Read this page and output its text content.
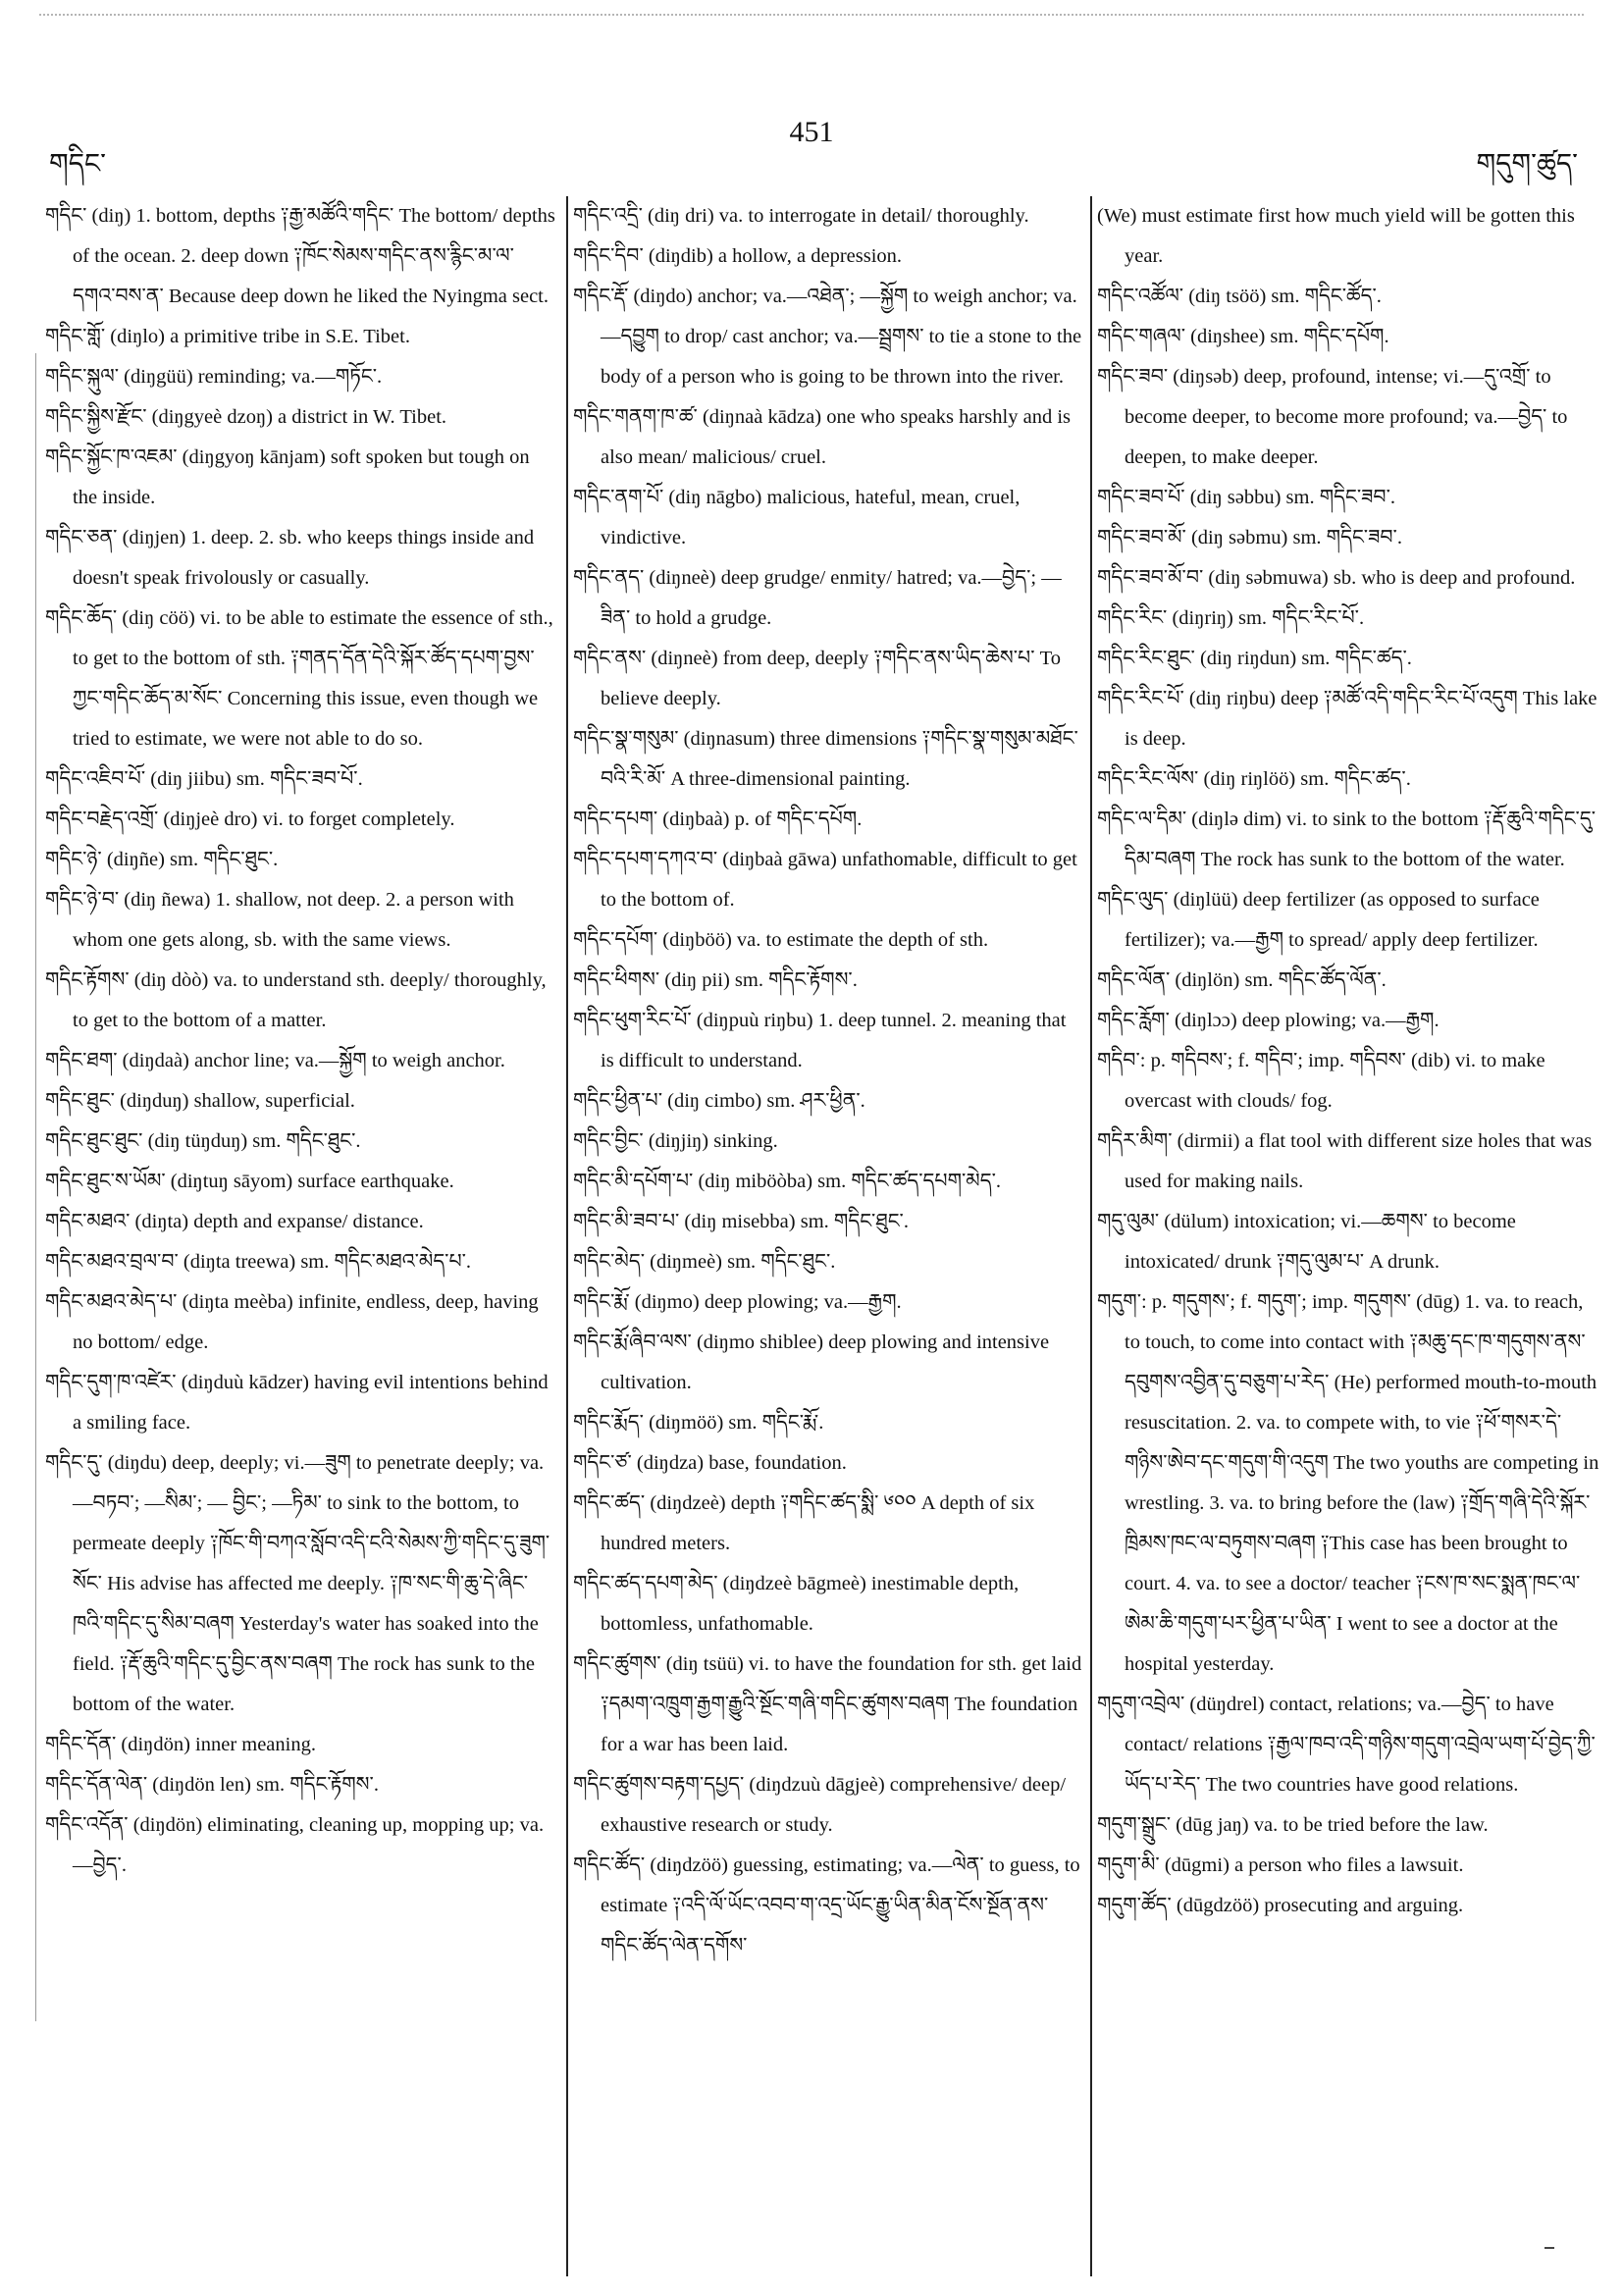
གདིང་
451
གདུག་ཚུད་

གདིང་ (diŋ) 1. bottom, depths ༑རྒྱ་མཚོའི་གདིང་ The bottom/ depths of the ocean. 2. deep down ༑ཁོང་སེམས་གདིང་ནས་རྙིང་མ་ལ་དགའ་བས་ན་ Because deep down he liked the Nyingma sect.

གདིང་གློ་ (diŋlo) a primitive tribe in S.E. Tibet.

གདིང་སྐུལ་ (diŋgüü) reminding; va.—གཏོང་.

གདིང་སྐྱིས་རྫོང་ (diŋgyeè dzoŋ) a district in W. Tibet.

གདིང་སྐྱོང་ཁ་འཇམ་ (diŋgyoŋ kānjam) soft spoken but tough on the inside.

གདིང་ཅན་ (diŋjen) 1. deep. 2. sb. who keeps things inside and doesn't speak frivolously or casually.

གདིང་ཆོད་ (diŋ cöö) vi. to be able to estimate the essence of sth., to get to the bottom of sth. ༑གནད་དོན་དེའི་སྐོར་ཚོད་དཔག་བྱས་ཀྱང་གདིང་ཆོད་མ་སོང་ Concerning this issue, even though we tried to estimate, we were not able to do so.

གདིང་འཇིབ་པོ་ (diŋ jiibu) sm. གདིང་ཟབ་པོ་.

གདིང་བརྗེད་འགྲོ་ (diŋjeè dro) vi. to forget completely.

གདིང་ཉེ་ (diŋñe) sm. གདིང་ཐུང་.

གདིང་ཉེ་བ་ (diŋ ñewa) 1. shallow, not deep. 2. a person with whom one gets along, sb. with the same views.

གདིང་རྟོགས་ (diŋ dòò) va. to understand sth. deeply/ thoroughly, to get to the bottom of a matter.

གདིང་ཐག་ (diŋdaà) anchor line; va.—སྐྱོག to weigh anchor.

གདིང་ཐུང་ (diŋduŋ) shallow, superficial.

གདིང་ཐུང་ཐུང་ (diŋ tüŋduŋ) sm. གདིང་ཐུང་.

གདིང་ཐུང་ས་ཡོམ་ (diŋtuŋ sāyom) surface earthquake.

གདིང་མཐའ་ (diŋta) depth and expanse/ distance.

གདིང་མཐའ་བྲལ་བ་ (diŋta treewa) sm. གདིང་མཐའ་མེད་པ་.

གདིང་མཐའ་མེད་པ་ (diŋta meèba) infinite, endless, deep, having no bottom/ edge.

གདིང་དུག་ཁ་འཛེར་ (diŋduù kādzer) having evil intentions behind a smiling face.

གདིང་དུ་ (diŋdu) deep, deeply; vi.—ཟུག to penetrate deeply; va.—བཏབ་; —སིམ་; — བྱིང་; —ཏིམ་ to sink to the bottom, to permeate deeply ༑ཁོང་གི་བཀའ་སློབ་འདི་ངའི་སེམས་ཀྱི་གདིང་དུ་ཟུག་སོང་ His advise has affected me deeply. ༑ཁ་སང་གི་ཆུ་དེ་ཞིང་ཁའི་གདིང་དུ་སིམ་བཞག Yesterday's water has soaked into the field. ༑རྡོ་ཆུའི་གདིང་དུ་བྱིང་ནས་བཞག The rock has sunk to the bottom of the water.

གདིང་དོན་ (diŋdön) inner meaning.

གདིང་དོན་ལེན་ (diŋdön len) sm. གདིང་རྟོགས་.

གདིང་འདོན་ (diŋdön) eliminating, cleaning up, mopping up; va.—བྱེད་.

གདིང་འདྲི་ (diŋ dri) va. to interrogate in detail/ thoroughly.

གདིང་དིབ་ (diŋdib) a hollow, a depression.

གདིང་རྡོ་ (diŋdo) anchor; va.—འཐེན་; —སྐྱོག to weigh anchor; va.—དབྱུག to drop/ cast anchor; va.—སྦྲགས་ to tie a stone to the body of a person who is going to be thrown into the river.

གདིང་གནག་ཁ་ཚ་ (diŋnaà kādza) one who speaks harshly and is also mean/ malicious/ cruel.

གདིང་ནག་པོ་ (diŋ nāgbo) malicious, hateful, mean, cruel, vindictive.

གདིང་ནད་ (diŋneè) deep grudge/ enmity/ hatred; va.—བྱེད་; —ཟིན་ to hold a grudge.

གདིང་ནས་ (diŋneè) from deep, deeply ༑གདིང་ནས་ཡིད་ཆེས་པ་ To believe deeply.

གདིང་སྣ་གསུམ་ (diŋnasum) three dimensions ༑གདིང་སྣ་གསུམ་མཐོང་བའི་རི་མོ་ A three-dimensional painting.

གདིང་དཔག་ (diŋbaà) p. of གདིང་དཔོག.

གདིང་དཔག་དཀའ་བ་ (diŋbaà gāwa) unfathomable, difficult to get to the bottom of.

གདིང་དཔོག་ (diŋböö) va. to estimate the depth of sth.

གདིང་ཕིགས་ (diŋ pii) sm. གདིང་རྟོགས་.

གདིང་ཕུག་རིང་པོ་ (diŋpuù riŋbu) 1. deep tunnel. 2. meaning that is difficult to understand.

གདིང་ཕྱིན་པ་ (diŋ cimbo) sm. ཤར་ཕྱིན་.

གདིང་བྱིང་ (diŋjiŋ) sinking.

གདིང་མི་དཔོག་པ་ (diŋ miböòba) sm. གདིང་ཚད་དཔག་མེད་.

གདིང་མི་ཟབ་པ་ (diŋ misebba) sm. གདིང་ཐུང་.

གདིང་མེད་ (diŋmeè) sm. གདིང་ཐུང་.

གདིང་རྨོ་ (diŋmo) deep plowing; va.—རྒྱག.

གདིང་རྨོ་ཞིབ་ལས་ (diŋmo shiblee) deep plowing and intensive cultivation.

གདིང་རྨོད་ (diŋmöö) sm. གདིང་རྨོ་.

གདིང་ཙ་ (diŋdza) base, foundation.

གདིང་ཚད་ (diŋdzeè) depth ༑གདིང་ཚད་སྨི་ ༦༠༠ A depth of six hundred meters.

གདིང་ཚད་དཔག་མེད་ (diŋdzeè bāgmeè) inestimable depth, bottomless, unfathomable.

གདིང་ཚུགས་ (diŋ tsüü) vi. to have the foundation for sth. get laid ༑དམག་འཁྲུག་རྒྱག་རྒྱུའི་སྔོང་གཞི་གདིང་ཚུགས་བཞག The foundation for a war has been laid.

གདིང་ཚུགས་བརྟག་དཔྱད་ (diŋdzuù dāgjeè) comprehensive/ deep/ exhaustive research or study.

གདིང་ཚོད་ (diŋdzöö) guessing, estimating; va.—ལེན་ to guess, to estimate ༑འདི་ལོ་ཡོང་འབབ་ག་འདྲ་ཡོང་རྒྱུ་ཡིན་མིན་ངོས་སྔོན་ནས་གདིང་ཚོད་ལེན་དགོས་

(We) must estimate first how much yield will be gotten this year.

གདིང་འཚོལ་ (diŋ tsöö) sm. གདིང་ཚོད་.

གདིང་གཞལ་ (diŋshee) sm. གདིང་དཔོག.

གདིང་ཟབ་ (diŋsəb) deep, profound, intense; vi.—དུ་འགྲོ་ to become deeper, to become more profound; va.—བྱེད་ to deepen, to make deeper.

གདིང་ཟབ་པོ་ (diŋ səbbu) sm. གདིང་ཟབ་.

གདིང་ཟབ་མོ་ (diŋ səbmu) sm. གདིང་ཟབ་.

གདིང་ཟབ་མོ་བ་ (diŋ səbmuwa) sb. who is deep and profound.

གདིང་རིང་ (diŋriŋ) sm. གདིང་རིང་པོ་.

གདིང་རིང་ཐུང་ (diŋ riŋdun) sm. གདིང་ཚད་.

གདིང་རིང་པོ་ (diŋ riŋbu) deep ༑མཚོ་འདི་གདིང་རིང་པོ་འདུག This lake is deep.

གདིང་རིང་ལོས་ (diŋ riŋlöö) sm. གདིང་ཚད་.

གདིང་ལ་དིམ་ (diŋlə dim) vi. to sink to the bottom ༑རྡོ་ཆུའི་གདིང་དུ་དིམ་བཞག The rock has sunk to the bottom of the water.

གདིང་ལུད་ (diŋlüü) deep fertilizer (as opposed to surface fertilizer); va.—རྒྱག to spread/ apply deep fertilizer.

གདིང་ལོན་ (diŋlön) sm. གདིང་ཚོད་ལོན་.

གདིང་རློག་ (diŋlɔɔ) deep plowing; va.—རྒྱག.

གདིབ་: p. གདིབས་; f. གདིབ་; imp. གདིབས་ (dib) vi. to make overcast with clouds/ fog.

གདིར་མིག་ (dirmii) a flat tool with different size holes that was used for making nails.

གདུ་ལུམ་ (dülum) intoxication; vi.—ཆགས་ to become intoxicated/ drunk ༑གདུ་ལུམ་པ་ A drunk.

གདུག་: p. གདུགས་; f. གདུག་; imp. གདུགས་ (dūg) 1. va. to reach, to touch, to come into contact with ༑མཆུ་དང་ཁ་གདུགས་ནས་དབུགས་འབྱིན་དུ་བཅུག་པ་རེད་ (He) performed mouth-to-mouth resuscitation. 2. va. to compete with, to vie ༑ཕོ་གསར་དེ་གཉིས་ཨེབ་དང་གདུག་གི་འདུག The two youths are competing in wrestling. 3. va. to bring before the (law) ༑གྲོད་གཞི་དེའི་སྐོར་ཁྲིམས་ཁང་ལ་བཏུགས་བཞག ༑This case has been brought to court. 4. va. to see a doctor/ teacher ༑ངས་ཁ་སང་སྨན་ཁང་ལ་ཨེམ་ཆི་གདུག་པར་ཕྱིན་པ་ཡིན་ I went to see a doctor at the hospital yesterday.

གདུག་འབྲེལ་ (düŋdrel) contact, relations; va.—བྱེད་ to have contact/ relations ༑རྒྱལ་ཁབ་འདི་གཉིས་གདུག་འབྲེལ་ཡག་པོ་བྱེད་ཀྱི་ཡོད་པ་རེད་ The two countries have good relations.

གདུག་སྒྲུང་ (dūg jaŋ) va. to be tried before the law.

གདུག་མི་ (dūgmi) a person who files a lawsuit.

གདུག་ཚོད་ (dūgdzöö) prosecuting and arguing.
